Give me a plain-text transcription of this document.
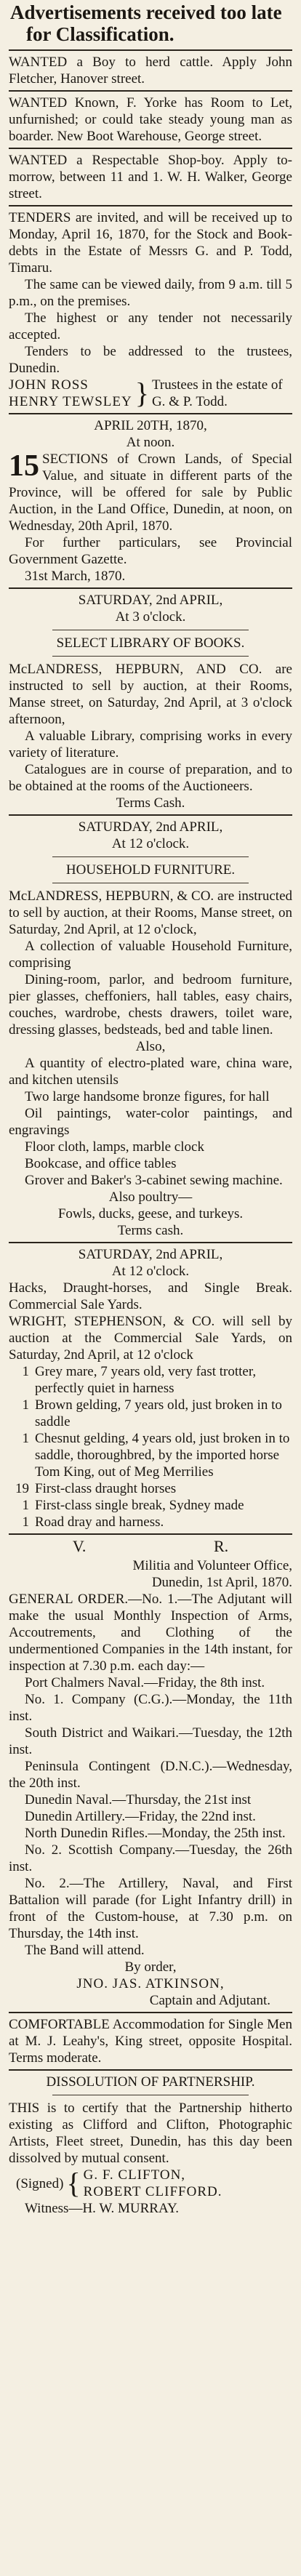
Advertisements received too late
for Classification.

WANTED a Boy to herd cattle. Apply John Fletcher, Hanover street.

WANTED Known, F. Yorke has Room to Let, unfurnished; or could take steady young man as boarder. New Boot Warehouse, George street.

WANTED a Respectable Shop-boy. Apply to-morrow, between 11 and 1. W. H. Walker, George street.

TENDERS are invited, and will be received up to Monday, April 16, 1870, for the Stock and Book-debts in the Estate of Messrs G. and P. Todd, Timaru.

The same can be viewed daily, from 9 a.m. till 5 p.m., on the premises.

The highest or any tender not necessarily accepted.

Tenders to be addressed to the trustees, Dunedin.

JOHN ROSS
HENRY TEWSLEY } Trustees in the estate of G. & P. Todd.

APRIL 20TH, 1870,

At noon.

15 SECTIONS of Crown Lands, of Special Value, and situate in different parts of the Province, will be offered for sale by Public Auction, in the Land Office, Dunedin, at noon, on Wednesday, 20th April, 1870.

For further particulars, see Provincial Government Gazette.

31st March, 1870.

SATURDAY, 2nd APRIL,

At 3 o'clock.

SELECT LIBRARY OF BOOKS.

McLANDRESS, HEPBURN, AND CO. are instructed to sell by auction, at their Rooms, Manse street, on Saturday, 2nd April, at 3 o'clock afternoon,

A valuable Library, comprising works in every variety of literature.

Catalogues are in course of preparation, and to be obtained at the rooms of the Auctioneers.

Terms Cash.

SATURDAY, 2nd APRIL,

At 12 o'clock.

HOUSEHOLD FURNITURE.

McLANDRESS, HEPBURN, & CO. are instructed to sell by auction, at their Rooms, Manse street, on Saturday, 2nd April, at 12 o'clock,

A collection of valuable Household Furniture, comprising

Dining-room, parlor, and bedroom furniture, pier glasses, cheffoniers, hall tables, easy chairs, couches, wardrobe, chests drawers, toilet ware, dressing glasses, bedsteads, bed and table linen.

Also,

A quantity of electro-plated ware, china ware, and kitchen utensils

Two large handsome bronze figures, for hall

Oil paintings, water-color paintings, and engravings

Floor cloth, lamps, marble clock

Bookcase, and office tables

Grover and Baker's 3-cabinet sewing machine.

Also poultry—

Fowls, ducks, geese, and turkeys.

Terms cash.

SATURDAY, 2nd APRIL,

At 12 o'clock.

Hacks, Draught-horses, and Single Break. Commercial Sale Yards.

WRIGHT, STEPHENSON, & CO. will sell by auction at the Commercial Sale Yards, on Saturday, 2nd April, at 12 o'clock

1 Grey mare, 7 years old, very fast trotter, perfectly quiet in harness
1 Brown gelding, 7 years old, just broken in to saddle
1 Chesnut gelding, 4 years old, just broken in to saddle, thoroughbred, by the imported horse Tom King, out of Meg Merrilies
19 First-class draught horses
1 First-class single break, Sydney made
1 Road dray and harness.
V.	R.

Militia and Volunteer Office,

Dunedin, 1st April, 1870.

GENERAL ORDER.—No. 1.—The Adjutant will make the usual Monthly Inspection of Arms, Accoutrements, and Clothing of the undermentioned Companies in the 14th instant, for inspection at 7.30 p.m. each day:—

Port Chalmers Naval.—Friday, the 8th inst.

No. 1. Company (C.G.).—Monday, the 11th inst.

South District and Waikari.—Tuesday, the 12th inst.

Peninsula Contingent (D.N.C.).—Wednesday, the 20th inst.

Dunedin Naval.—Thursday, the 21st inst

Dunedin Artillery.—Friday, the 22nd inst.

North Dunedin Rifles.—Monday, the 25th inst.

No. 2. Scottish Company.—Tuesday, the 26th inst.

No. 2.—The Artillery, Naval, and First Battalion will parade (for Light Infantry drill) in front of the Custom-house, at 7.30 p.m. on Thursday, the 14th inst.

The Band will attend.

By order,

JNO. JAS. ATKINSON,

Captain and Adjutant.

COMFORTABLE Accommodation for Single Men at M. J. Leahy's, King street, opposite Hospital. Terms moderate.

DISSOLUTION OF PARTNERSHIP.

THIS is to certify that the Partnership hitherto existing as Clifford and Clifton, Photographic Artists, Fleet street, Dunedin, has this day been dissolved by mutual consent.

(Signed) { G. F. CLIFTON,
ROBERT CLIFFORD.

Witness—H. W. MURRAY.
